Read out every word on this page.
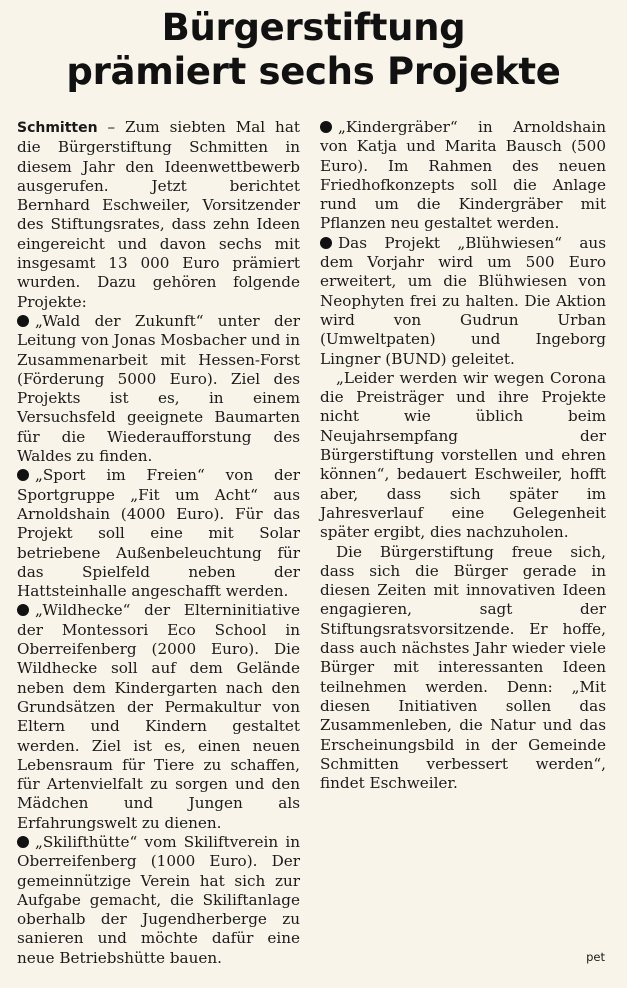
Bürgerstiftung
prämiert sechs Projekte

Schmitten – Zum siebten Mal hat die Bürgerstiftung Schmitten in diesem Jahr den Ideenwettbewerb ausgerufen. Jetzt berichtet Bernhard Eschweiler, Vorsitzender des Stiftungsrates, dass zehn Ideen eingereicht und davon sechs mit insgesamt 13 000 Euro prämiert wurden. Dazu gehören folgende Projekte:

„Wald der Zukunft“ unter der Leitung von Jonas Mosbacher und in Zusammenarbeit mit Hessen-Forst (Förderung 5000 Euro). Ziel des Projekts ist es, in einem Versuchsfeld geeignete Baumarten für die Wiederaufforstung des Waldes zu finden.

„Sport im Freien“ von der Sportgruppe „Fit um Acht“ aus Arnoldshain (4000 Euro). Für das Projekt soll eine mit Solar betriebene Außenbeleuchtung für das Spielfeld neben der Hattsteinhalle angeschafft werden.

„Wildhecke“ der Elterninitiative der Montessori Eco School in Oberreifenberg (2000 Euro). Die Wildhecke soll auf dem Gelände neben dem Kindergarten nach den Grundsätzen der Permakultur von Eltern und Kindern gestaltet werden. Ziel ist es, einen neuen Lebensraum für Tiere zu schaffen, für Artenvielfalt zu sorgen und den Mädchen und Jungen als Erfahrungswelt zu dienen.

„Skilifthütte“ vom Skiliftverein in Oberreifenberg (1000 Euro). Der gemeinnützige Verein hat sich zur Aufgabe gemacht, die Skiliftanlage oberhalb der Jugendherberge zu sanieren und möchte dafür eine neue Betriebshütte bauen.

„Kindergräber“ in Arnoldshain von Katja und Marita Bausch (500 Euro). Im Rahmen des neuen Friedhofkonzepts soll die Anlage rund um die Kindergräber mit Pflanzen neu gestaltet werden.

Das Projekt „Blühwiesen“ aus dem Vorjahr wird um 500 Euro erweitert, um die Blühwiesen von Neophyten frei zu halten. Die Aktion wird von Gudrun Urban (Umweltpaten) und Ingeborg Lingner (BUND) geleitet.

„Leider werden wir wegen Corona die Preisträger und ihre Projekte nicht wie üblich beim Neujahrsempfang der Bürgerstiftung vorstellen und ehren können“, bedauert Eschweiler, hofft aber, dass sich später im Jahresverlauf eine Gelegenheit später ergibt, dies nachzuholen.

Die Bürgerstiftung freue sich, dass sich die Bürger gerade in diesen Zeiten mit innovativen Ideen engagieren, sagt der Stiftungsratsvorsitzende. Er hoffe, dass auch nächstes Jahr wieder viele Bürger mit interessanten Ideen teilnehmen werden. Denn: „Mit diesen Initiativen sollen das Zusammenleben, die Natur und das Erscheinungsbild in der Gemeinde Schmitten verbessert werden“, findet Eschweiler.

pet
